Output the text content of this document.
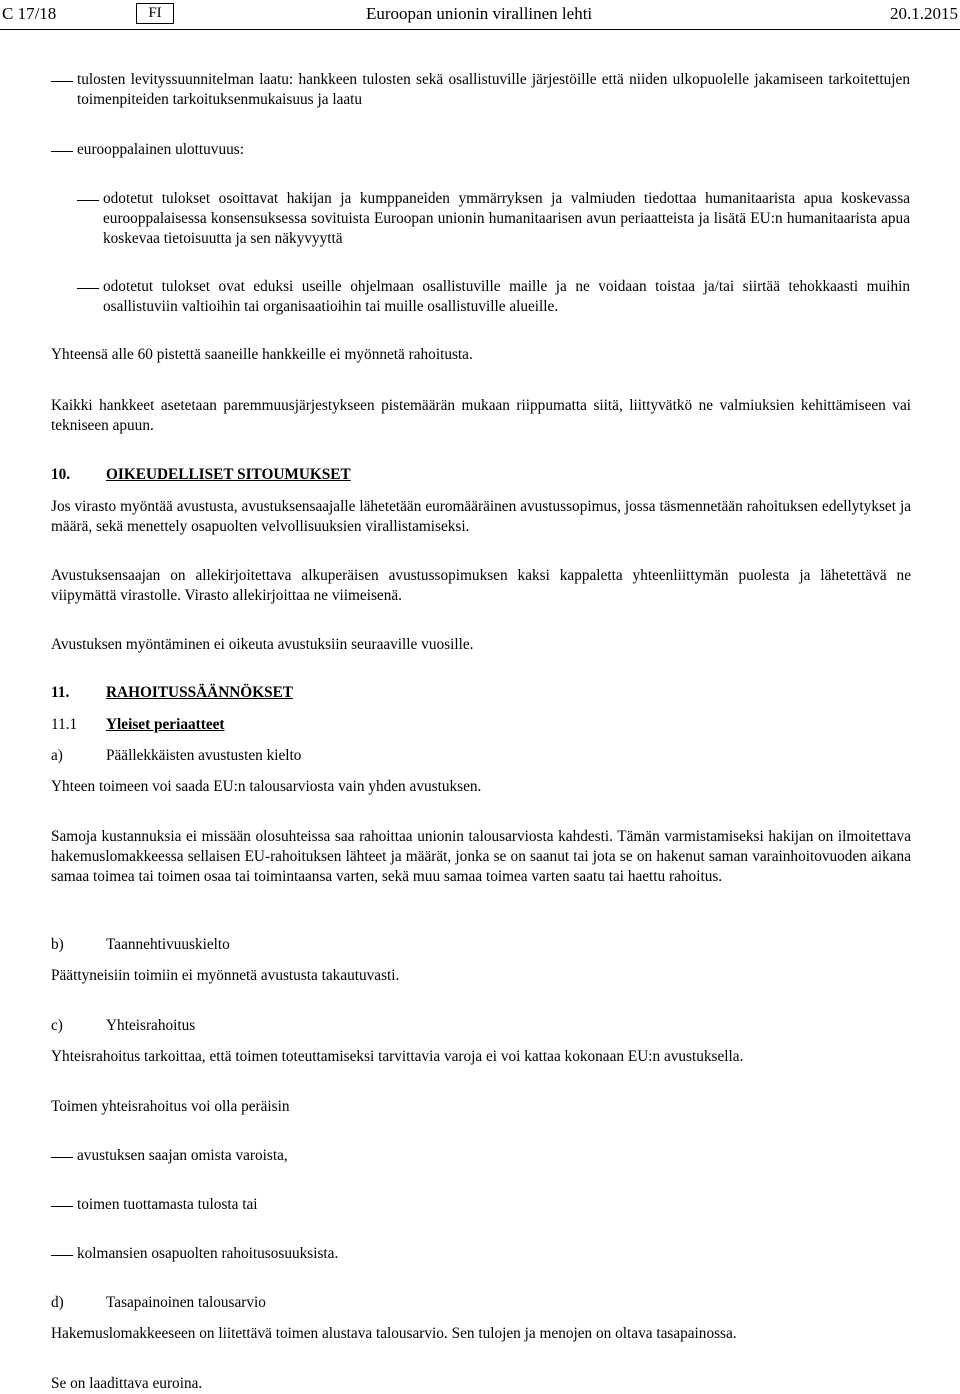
C 17/18	FI	Euroopan unionin virallinen lehti	20.1.2015

tulosten levityssuunnitelman laatu: hankkeen tulosten sekä osallistuville järjestöille että niiden ulkopuolelle jakamiseen tarkoitettujen toimenpiteiden tarkoituksenmukaisuus ja laatu

eurooppalainen ulottuvuus:

odotetut tulokset osoittavat hakijan ja kumppaneiden ymmärryksen ja valmiuden tiedottaa humanitaarista apua koskevassa eurooppalaisessa konsensuksessa sovituista Euroopan unionin humanitaarisen avun periaatteista ja lisätä EU:n humanitaarista apua koskevaa tietoisuutta ja sen näkyvyyttä

odotetut tulokset ovat eduksi useille ohjelmaan osallistuville maille ja ne voidaan toistaa ja/tai siirtää tehokkaasti muihin osallistuviin valtioihin tai organisaatioihin tai muille osallistuville alueille.

Yhteensä alle 60 pistettä saaneille hankkeille ei myönnetä rahoitusta.

Kaikki hankkeet asetetaan paremmuusjärjestykseen pistemäärän mukaan riippumatta siitä, liittyvätkö ne valmiuksien kehittämiseen vai tekniseen apuun.

10. OIKEUDELLISET SITOUMUKSET

Jos virasto myöntää avustusta, avustuksensaajalle lähetetään euromääräinen avustussopimus, jossa täsmennetään rahoituksen edellytykset ja määrä, sekä menettely osapuolten velvollisuuksien virallistamiseksi.

Avustuksensaajan on allekirjoitettava alkuperäisen avustussopimuksen kaksi kappaletta yhteenliittymän puolesta ja lähetettävä ne viipymättä virastolle. Virasto allekirjoittaa ne viimeisenä.

Avustuksen myöntäminen ei oikeuta avustuksiin seuraaville vuosille.

11. RAHOITUSSÄÄNNÖKSET
11.1 Yleiset periaatteet
a)	Päällekkäisten avustusten kielto

Yhteen toimeen voi saada EU:n talousarviosta vain yhden avustuksen.

Samoja kustannuksia ei missään olosuhteissa saa rahoittaa unionin talousarviosta kahdesti. Tämän varmistamiseksi hakijan on ilmoitettava hakemuslomakkeessa sellaisen EU-rahoituksen lähteet ja määrät, jonka se on saanut tai jota se on hakenut saman varainhoitovuoden aikana samaa toimea tai toimen osaa tai toimintaansa varten, sekä muu samaa toimea varten saatu tai haettu rahoitus.

b)	Taannehtivuuskielto

Päättyneisiin toimiin ei myönnetä avustusta takautuvasti.

c)	Yhteisrahoitus

Yhteisrahoitus tarkoittaa, että toimen toteuttamiseksi tarvittavia varoja ei voi kattaa kokonaan EU:n avustuksella.

Toimen yhteisrahoitus voi olla peräisin

avustuksen saajan omista varoista,

toimen tuottamasta tulosta tai

kolmansien osapuolten rahoitusosuuksista.

d)	Tasapainoinen talousarvio

Hakemuslomakkeeseen on liitettävä toimen alustava talousarvio. Sen tulojen ja menojen on oltava tasapainossa.

Se on laadittava euroina.
